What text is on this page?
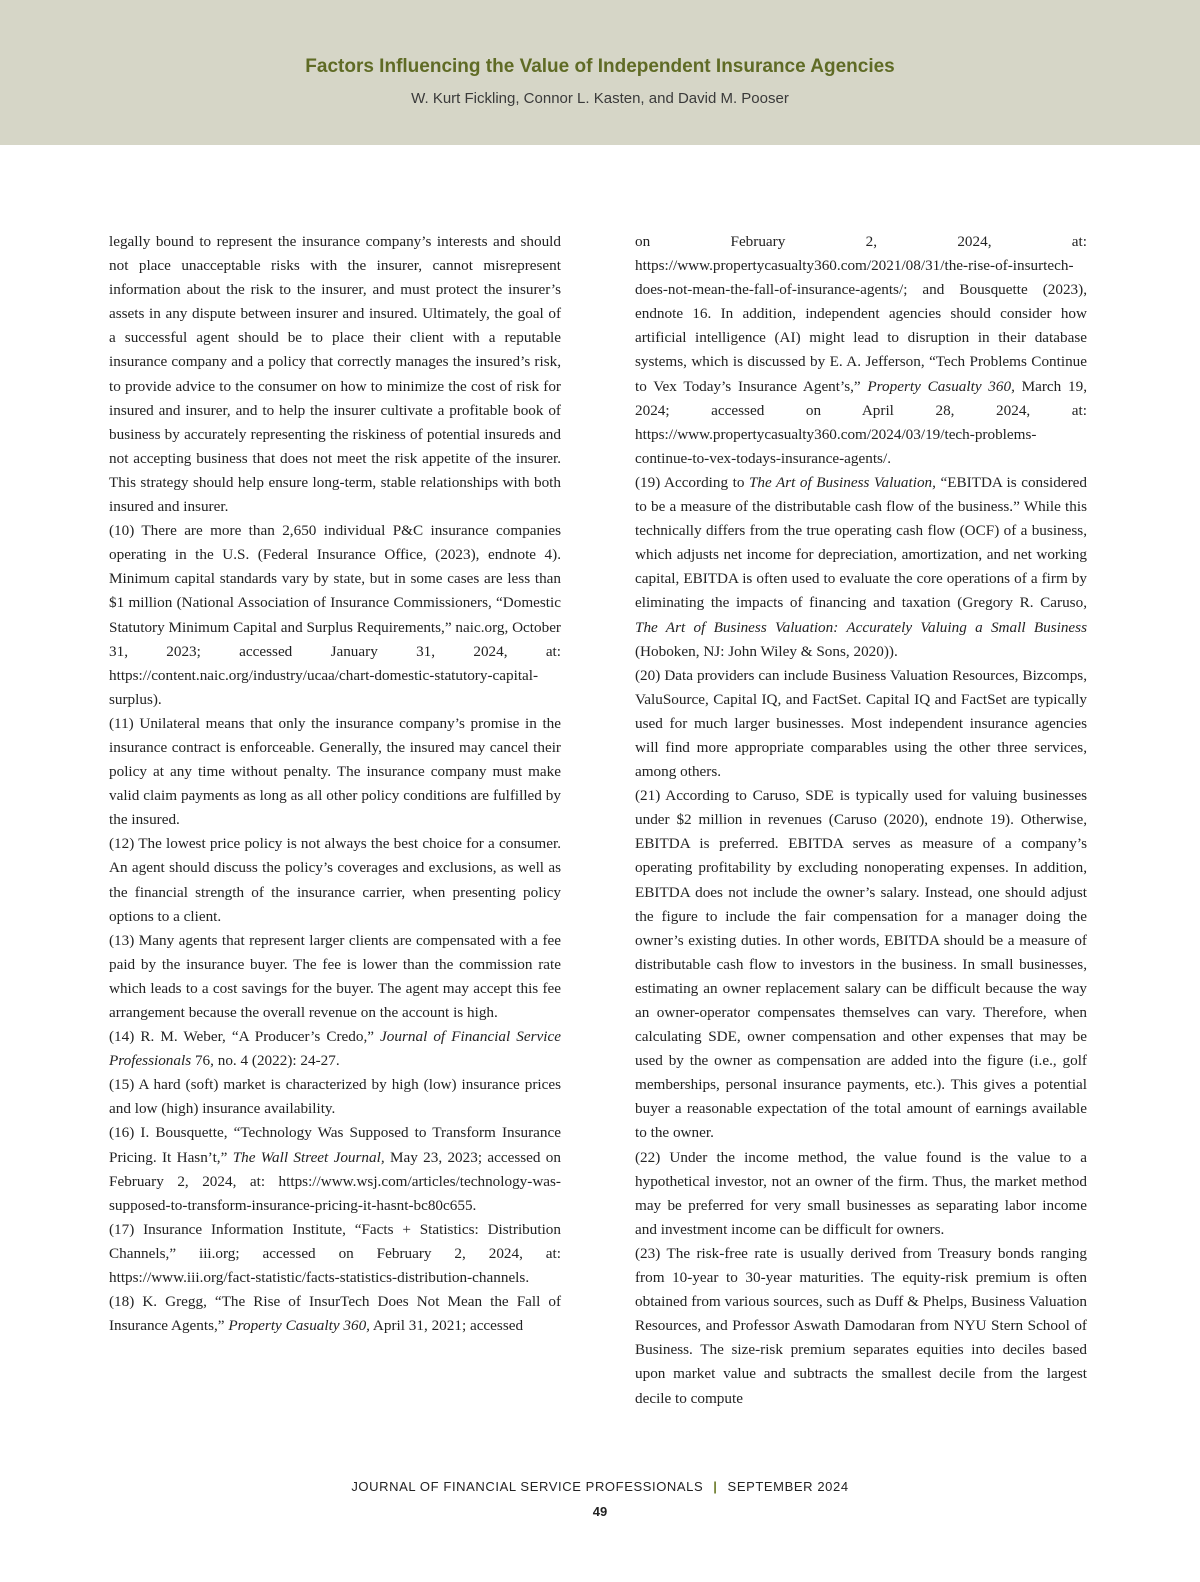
Factors Influencing the Value of Independent Insurance Agencies
W. Kurt Fickling, Connor L. Kasten, and David M. Pooser

legally bound to represent the insurance company’s interests and should not place unacceptable risks with the insurer, cannot misrepresent information about the risk to the insurer, and must protect the insurer’s assets in any dispute between insurer and insured. Ultimately, the goal of a successful agent should be to place their client with a reputable insurance company and a policy that correctly manages the insured’s risk, to provide advice to the consumer on how to minimize the cost of risk for insured and insurer, and to help the insurer cultivate a profitable book of business by accurately representing the riskiness of potential insureds and not accepting business that does not meet the risk appetite of the insurer. This strategy should help ensure long-term, stable relationships with both insured and insurer.

(10) There are more than 2,650 individual P&C insurance companies operating in the U.S. (Federal Insurance Office, (2023), endnote 4). Minimum capital standards vary by state, but in some cases are less than $1 million (National Association of Insurance Commissioners, “Domestic Statutory Minimum Capital and Surplus Requirements,” naic.org, October 31, 2023; accessed January 31, 2024, at: https://content.naic.org/industry/ucaa/chart-domestic-statutory-capital-surplus).

(11) Unilateral means that only the insurance company’s promise in the insurance contract is enforceable. Generally, the insured may cancel their policy at any time without penalty. The insurance company must make valid claim payments as long as all other policy conditions are fulfilled by the insured.

(12) The lowest price policy is not always the best choice for a consumer. An agent should discuss the policy’s coverages and exclusions, as well as the financial strength of the insurance carrier, when presenting policy options to a client.

(13) Many agents that represent larger clients are compensated with a fee paid by the insurance buyer. The fee is lower than the commission rate which leads to a cost savings for the buyer. The agent may accept this fee arrangement because the overall revenue on the account is high.

(14) R. M. Weber, “A Producer’s Credo,” Journal of Financial Service Professionals 76, no. 4 (2022): 24-27.

(15) A hard (soft) market is characterized by high (low) insurance prices and low (high) insurance availability.

(16) I. Bousquette, “Technology Was Supposed to Transform Insurance Pricing. It Hasn’t,” The Wall Street Journal, May 23, 2023; accessed on February 2, 2024, at: https://www.wsj.com/articles/technology-was-supposed-to-transform-insurance-pricing-it-hasnt-bc80c655.

(17) Insurance Information Institute, “Facts + Statistics: Distribution Channels,” iii.org; accessed on February 2, 2024, at: https://www.iii.org/fact-statistic/facts-statistics-distribution-channels.

(18) K. Gregg, “The Rise of InsurTech Does Not Mean the Fall of Insurance Agents,” Property Casualty 360, April 31, 2021; accessed

on February 2, 2024, at: https://www.propertycasualty360.com/2021/08/31/the-rise-of-insurtech-does-not-mean-the-fall-of-insurance-agents/; and Bousquette (2023), endnote 16. In addition, independent agencies should consider how artificial intelligence (AI) might lead to disruption in their database systems, which is discussed by E. A. Jefferson, “Tech Problems Continue to Vex Today’s Insurance Agent’s,” Property Casualty 360, March 19, 2024; accessed on April 28, 2024, at: https://www.propertycasualty360.com/2024/03/19/tech-problems-continue-to-vex-todays-insurance-agents/.

(19) According to The Art of Business Valuation, “EBITDA is considered to be a measure of the distributable cash flow of the business.” While this technically differs from the true operating cash flow (OCF) of a business, which adjusts net income for depreciation, amortization, and net working capital, EBITDA is often used to evaluate the core operations of a firm by eliminating the impacts of financing and taxation (Gregory R. Caruso, The Art of Business Valuation: Accurately Valuing a Small Business (Hoboken, NJ: John Wiley & Sons, 2020)).

(20) Data providers can include Business Valuation Resources, Bizcomps, ValuSource, Capital IQ, and FactSet. Capital IQ and FactSet are typically used for much larger businesses. Most independent insurance agencies will find more appropriate comparables using the other three services, among others.

(21) According to Caruso, SDE is typically used for valuing businesses under $2 million in revenues (Caruso (2020), endnote 19). Otherwise, EBITDA is preferred. EBITDA serves as measure of a company’s operating profitability by excluding nonoperating expenses. In addition, EBITDA does not include the owner’s salary. Instead, one should adjust the figure to include the fair compensation for a manager doing the owner’s existing duties. In other words, EBITDA should be a measure of distributable cash flow to investors in the business. In small businesses, estimating an owner replacement salary can be difficult because the way an owner-operator compensates themselves can vary. Therefore, when calculating SDE, owner compensation and other expenses that may be used by the owner as compensation are added into the figure (i.e., golf memberships, personal insurance payments, etc.). This gives a potential buyer a reasonable expectation of the total amount of earnings available to the owner.

(22) Under the income method, the value found is the value to a hypothetical investor, not an owner of the firm. Thus, the market method may be preferred for very small businesses as separating labor income and investment income can be difficult for owners.

(23) The risk-free rate is usually derived from Treasury bonds ranging from 10-year to 30-year maturities. The equity-risk premium is often obtained from various sources, such as Duff & Phelps, Business Valuation Resources, and Professor Aswath Damodaran from NYU Stern School of Business. The size-risk premium separates equities into deciles based upon market value and subtracts the smallest decile from the largest decile to compute

JOURNAL OF FINANCIAL SERVICE PROFESSIONALS | SEPTEMBER 2024
49
